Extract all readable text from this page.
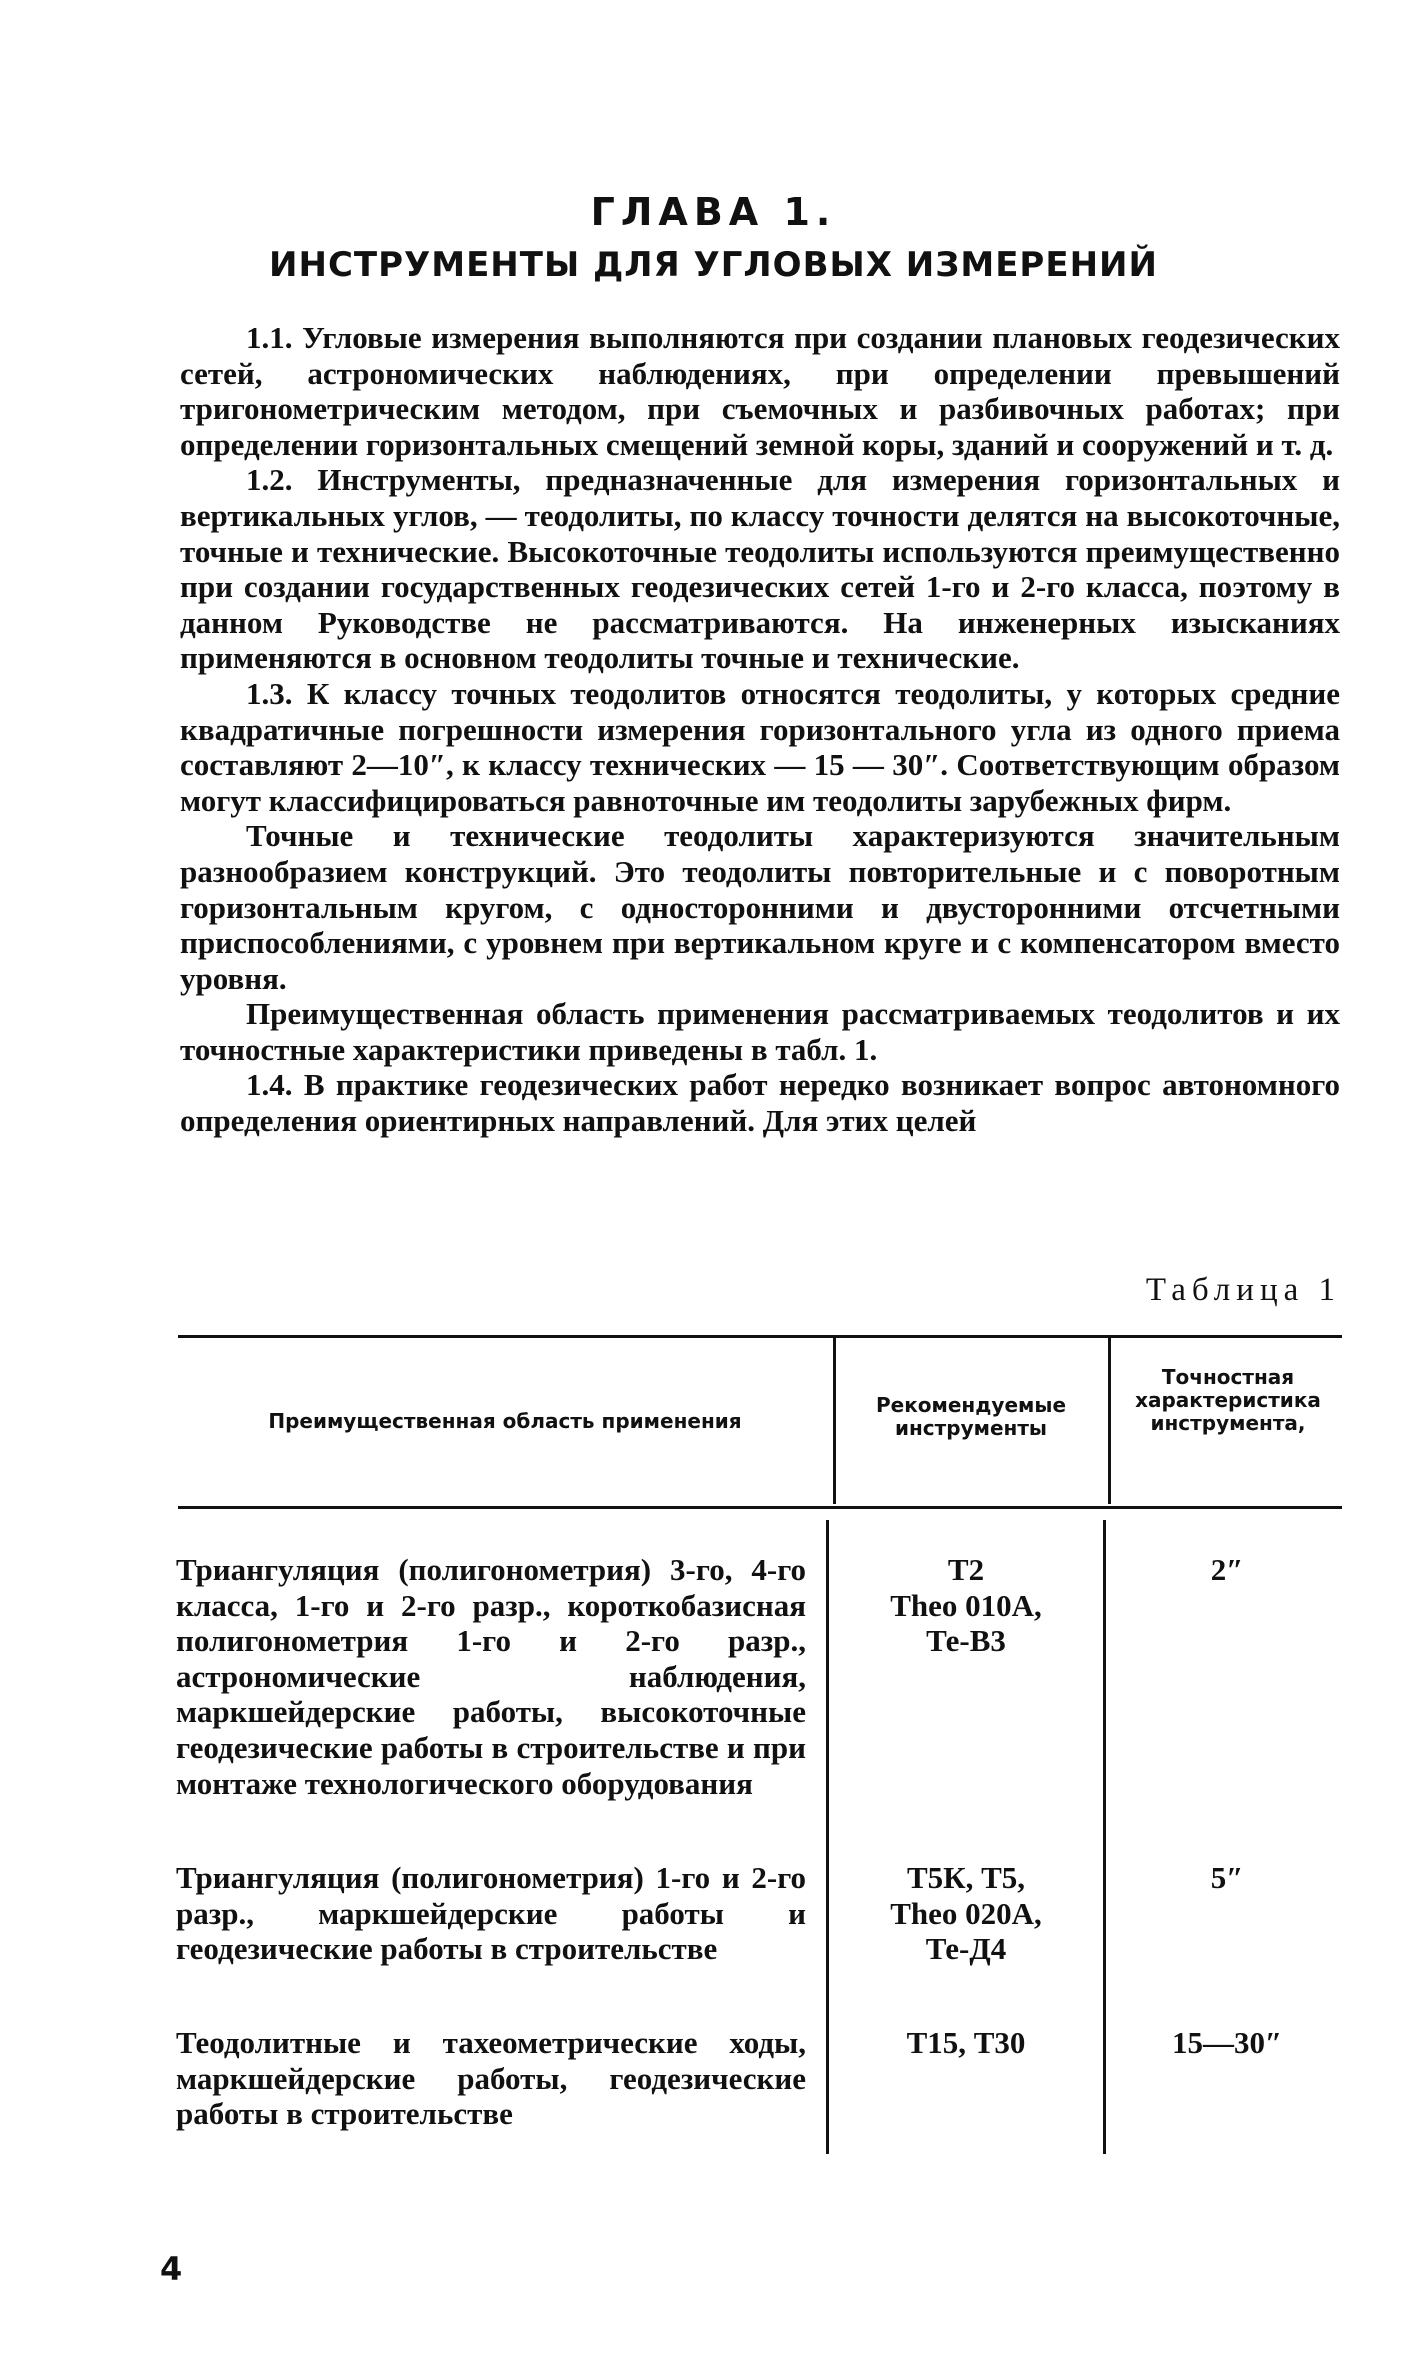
ГЛАВА 1.
ИНСТРУМЕНТЫ ДЛЯ УГЛОВЫХ ИЗМЕРЕНИЙ

1.1. Угловые измерения выполняются при создании плановых геодезических сетей, астрономических наблюдениях, при определении превышений тригонометрическим методом, при съемочных и разбивочных работах; при определении горизонтальных смещений земной коры, зданий и сооружений и т. д.

1.2. Инструменты, предназначенные для измерения горизонтальных и вертикальных углов, — теодолиты, по классу точности делятся на высокоточные, точные и технические. Высокоточные теодолиты используются преимущественно при создании государственных геодезических сетей 1-го и 2-го класса, поэтому в данном Руководстве не рассматриваются. На инженерных изысканиях применяются в основном теодолиты точные и технические.

1.3. К классу точных теодолитов относятся теодолиты, у которых средние квадратичные погрешности измерения горизонтального угла из одного приема составляют 2—10″, к классу технических — 15 — 30″. Соответствующим образом могут классифицироваться равноточные им теодолиты зарубежных фирм.

Точные и технические теодолиты характеризуются значительным разнообразием конструкций. Это теодолиты повторительные и с поворотным горизонтальным кругом, с односторонними и двусторонними отсчетными приспособлениями, с уровнем при вертикальном круге и с компенсатором вместо уровня.

Преимущественная область применения рассматриваемых теодолитов и их точностные характеристики приведены в табл. 1.

1.4. В практике геодезических работ нередко возникает вопрос автономного определения ориентирных направлений. Для этих целей

Таблица 1
Преимущественная область применения
Рекомендуемые инструменты
Точностная характеристика инструмента,
Триангуляция (полигонометрия) 3-го, 4-го класса, 1-го и 2-го разр., короткобазисная полигонометрия 1-го и 2-го разр., астрономические наблюдения, маркшейдерские работы, высокоточные геодезические работы в строительстве и при монтаже технологического оборудования
Т2
Theo 010A,
Те-В3
2″
Триангуляция (полигонометрия) 1-го и 2-го разр., маркшейдерские работы и геодезические работы в строительстве
Т5К, Т5,
Theo 020A,
Те-Д4
5″
Теодолитные и тахеометрические ходы, маркшейдерские работы, геодезические работы в строительстве
Т15, Т30	15—30″
4
